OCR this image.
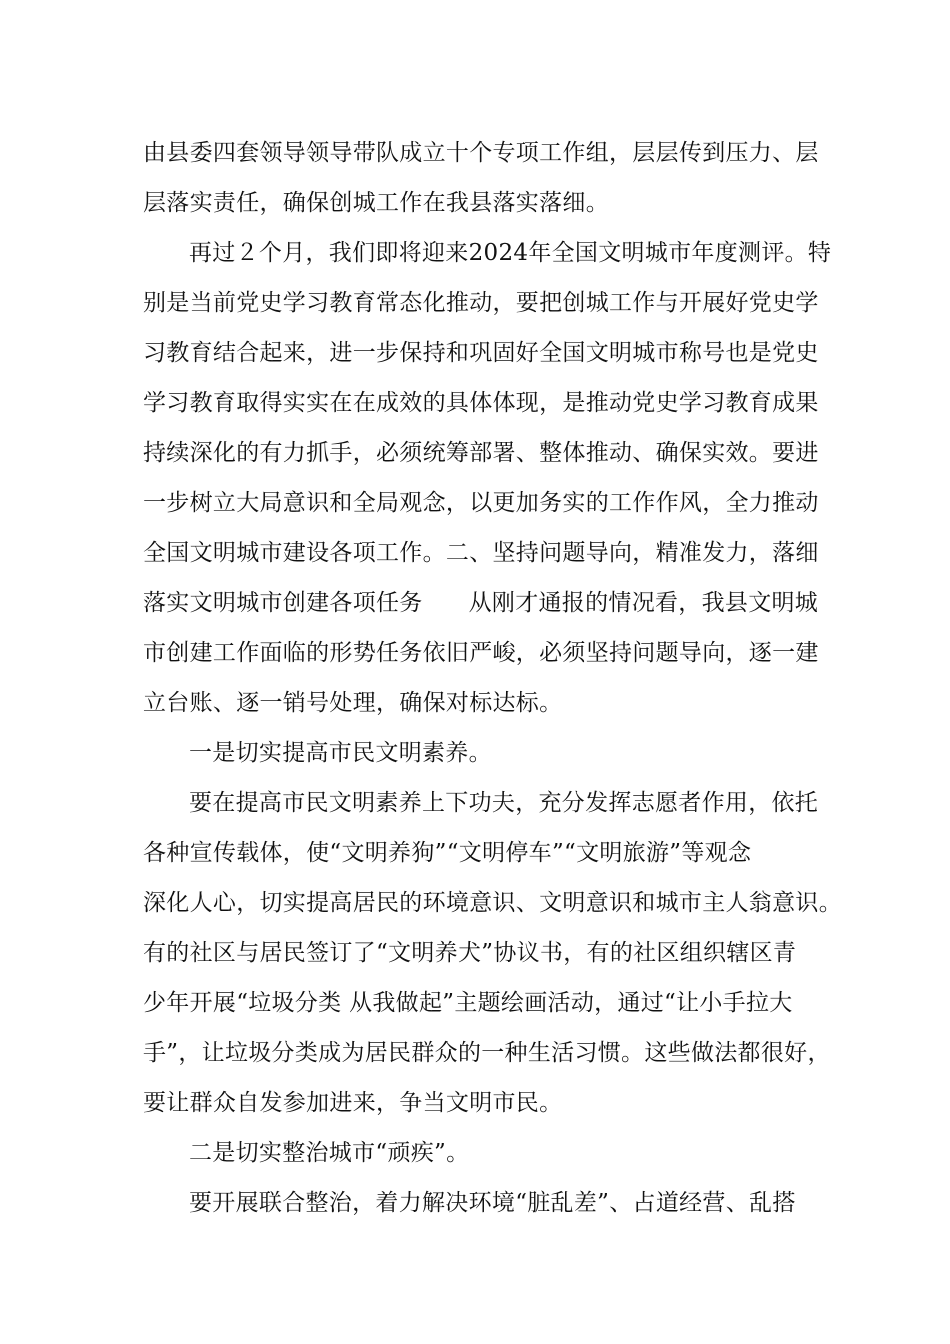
由县委四套领导领导带队成立十个专项工作组，层层传到压力、层
层落实责任，确保创城工作在我县落实落细。
再过２个月，我们即将迎来2024年全国文明城市年度测评。特
别是当前党史学习教育常态化推动，要把创城工作与开展好党史学
习教育结合起来，进一步保持和巩固好全国文明城市称号也是党史
学习教育取得实实在在成效的具体体现，是推动党史学习教育成果
持续深化的有力抓手，必须统筹部署、整体推动、确保实效。要进
一步树立大局意识和全局观念，以更加务实的工作作风，全力推动
全国文明城市建设各项工作。二、坚持问题导向，精准发力，落细
落实文明城市创建各项任务 从刚才通报的情况看，我县文明城
市创建工作面临的形势任务依旧严峻，必须坚持问题导向，逐一建
立台账、逐一销号处理，确保对标达标。
一是切实提高市民文明素养。
要在提高市民文明素养上下功夫，充分发挥志愿者作用，依托
各种宣传载体，使“文明养狗”“文明停车”“文明旅游”等观念
深化人心，切实提高居民的环境意识、文明意识和城市主人翁意识。
有的社区与居民签订了“文明养犬”协议书，有的社区组织辖区青
少年开展“垃圾分类 从我做起”主题绘画活动，通过“让小手拉大
手”，让垃圾分类成为居民群众的一种生活习惯。这些做法都很好，
要让群众自发参加进来，争当文明市民。
二是切实整治城市“顽疾”。
要开展联合整治，着力解决环境“脏乱差”、占道经营、乱搭
